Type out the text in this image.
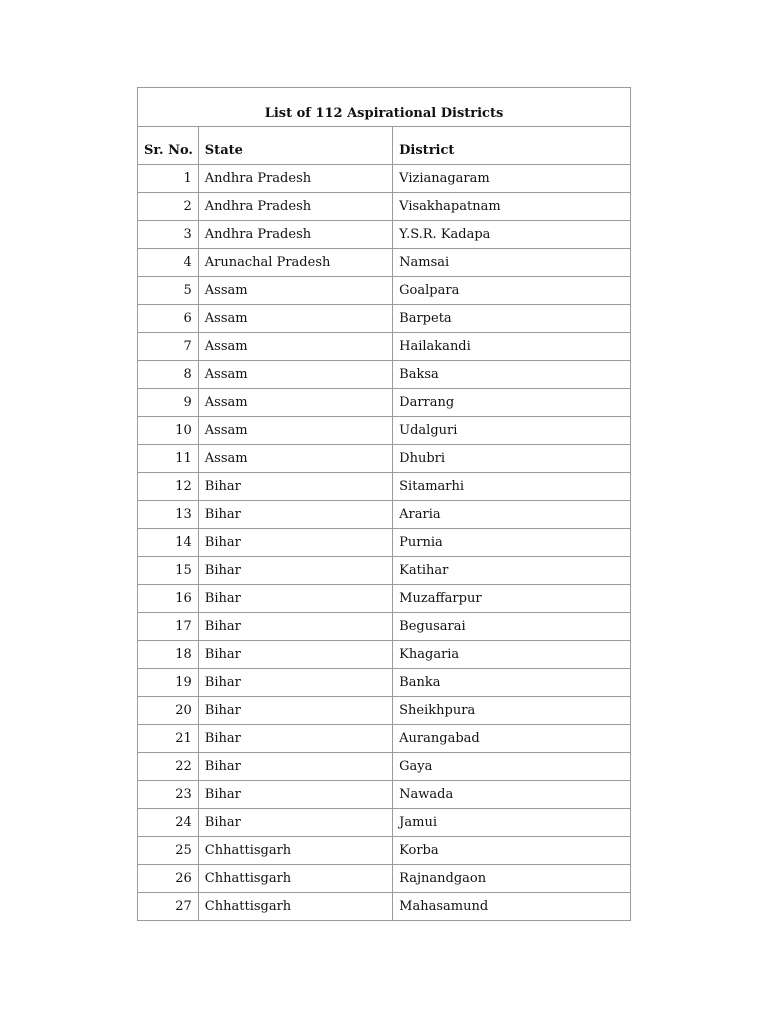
List of 112 Aspirational Districts		
Sr. No.	State	District
1	Andhra Pradesh	Vizianagaram
2	Andhra Pradesh	Visakhapatnam
3	Andhra Pradesh	Y.S.R. Kadapa
4	Arunachal Pradesh	Namsai
5	Assam	Goalpara
6	Assam	Barpeta
7	Assam	Hailakandi
8	Assam	Baksa
9	Assam	Darrang
10	Assam	Udalguri
11	Assam	Dhubri
12	Bihar	Sitamarhi
13	Bihar	Araria
14	Bihar	Purnia
15	Bihar	Katihar
16	Bihar	Muzaffarpur
17	Bihar	Begusarai
18	Bihar	Khagaria
19	Bihar	Banka
20	Bihar	Sheikhpura
21	Bihar	Aurangabad
22	Bihar	Gaya
23	Bihar	Nawada
24	Bihar	Jamui
25	Chhattisgarh	Korba
26	Chhattisgarh	Rajnandgaon
27	Chhattisgarh	Mahasamund
